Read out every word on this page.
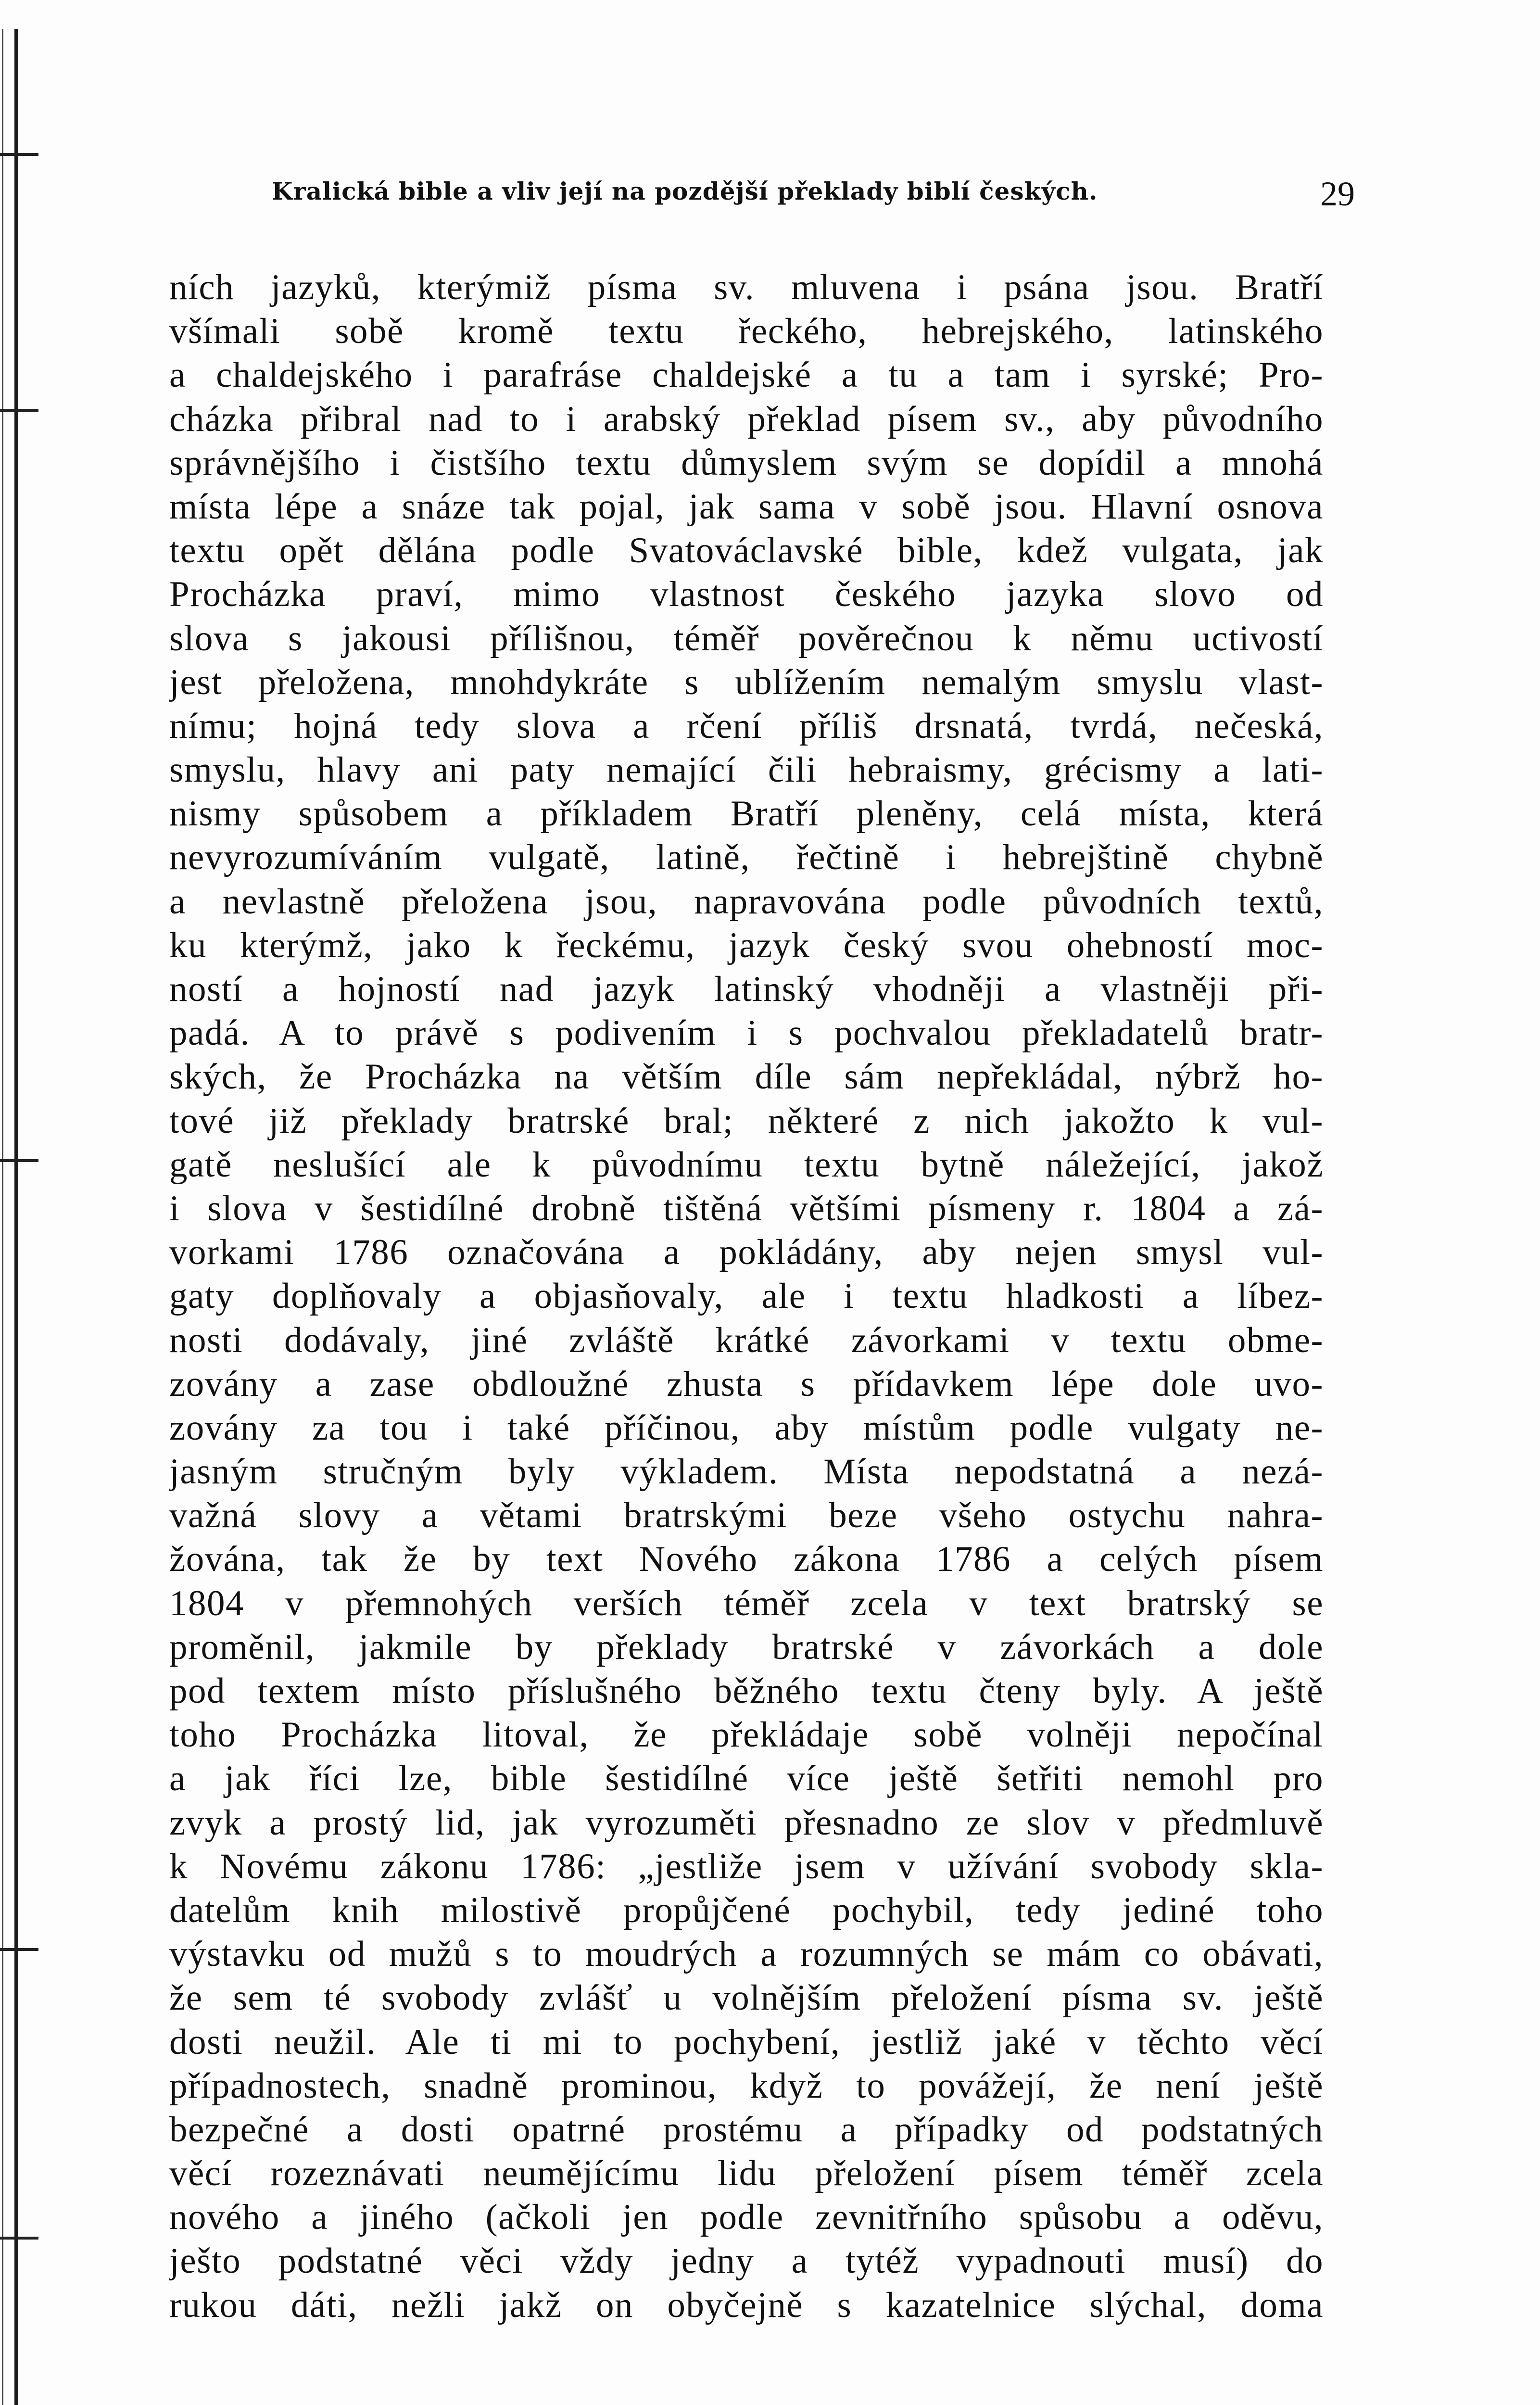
Kralická bible a vliv její na pozdější překlady biblí českých.	29
ních jazyků, kterýmiž písma sv. mluvena i psána jsou. Bratří
všímali sobě kromě textu řeckého, hebrejského, latinského
a chaldejského i parafráse chaldejské a tu a tam i syrské; Pro-
cházka přibral nad to i arabský překlad písem sv., aby původního
správnějšího i čistšího textu důmyslem svým se dopídil a mnohá
místa lépe a snáze tak pojal, jak sama v sobě jsou. Hlavní osnova
textu opět dělána podle Svatováclavské bible, kdež vulgata, jak
Procházka praví, mimo vlastnost českého jazyka slovo od
slova s jakousi přílišnou, téměř pověrečnou k němu uctivostí
jest přeložena, mnohdykráte s ublížením nemalým smyslu vlast-
nímu; hojná tedy slova a rčení příliš drsnatá, tvrdá, nečeská,
smyslu, hlavy ani paty nemající čili hebraismy, grécismy a lati-
nismy spůsobem a příkladem Bratří pleněny, celá místa, která
nevyrozumíváním vulgatě, latině, řečtině i hebrejštině chybně
a nevlastně přeložena jsou, napravována podle původních textů,
ku kterýmž, jako k řeckému, jazyk český svou ohebností moc-
ností a hojností nad jazyk latinský vhodněji a vlastněji při-
padá. A to právě s podivením i s pochvalou překladatelů bratr-
ských, že Procházka na větším díle sám nepřekládal, nýbrž ho-
tové již překlady bratrské bral; některé z nich jakožto k vul-
gatě neslušící ale k původnímu textu bytně náležející, jakož
i slova v šestidílné drobně tištěná většími písmeny r. 1804 a zá-
vorkami 1786 označována a pokládány, aby nejen smysl vul-
gaty doplňovaly a objasňovaly, ale i textu hladkosti a líbez-
nosti dodávaly, jiné zvláště krátké závorkami v textu obme-
zovány a zase obdloužné zhusta s přídavkem lépe dole uvo-
zovány za tou i také příčinou, aby místům podle vulgaty ne-
jasným stručným byly výkladem. Místa nepodstatná a nezá-
važná slovy a větami bratrskými beze všeho ostychu nahra-
žována, tak že by text Nového zákona 1786 a celých písem
1804 v přemnohých verších téměř zcela v text bratrský se
proměnil, jakmile by překlady bratrské v závorkách a dole
pod textem místo příslušného běžného textu čteny byly. A ještě
toho Procházka litoval, že překládaje sobě volněji nepočínal
a jak říci lze, bible šestidílné více ještě šetřiti nemohl pro
zvyk a prostý lid, jak vyrozuměti přesnadno ze slov v předmluvě
k Novému zákonu 1786: „jestliže jsem v užívání svobody skla-
datelům knih milostivě propůjčené pochybil, tedy jediné toho
výstavku od mužů s to moudrých a rozumných se mám co obávati,
že sem té svobody zvlášť u volnějším přeložení písma sv. ještě
dosti neužil. Ale ti mi to pochybení, jestliž jaké v těchto věcí
případnostech, snadně prominou, když to povážejí, že není ještě
bezpečné a dosti opatrné prostému a případky od podstatných
věcí rozeznávati neumějícímu lidu přeložení písem téměř zcela
nového a jiného (ačkoli jen podle zevnitřního spůsobu a oděvu,
ješto podstatné věci vždy jedny a tytéž vypadnouti musí) do
rukou dáti, nežli jakž on obyčejně s kazatelnice slýchal, doma
